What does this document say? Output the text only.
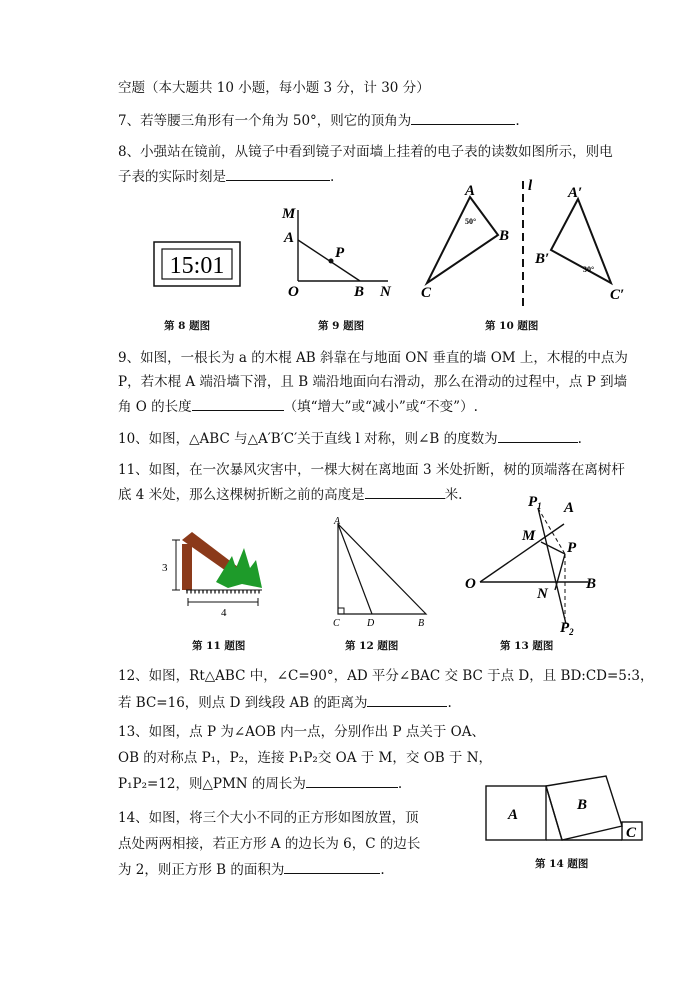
空题（本大题共 10 小题，每小题 3 分，计 30 分）
7、若等腰三角形有一个角为 50°，则它的顶角为	.
8、小强站在镜前，从镜子中看到镜子对面墙上挂着的电子表的读数如图所示，则电
子表的实际时刻是	.
15:01
第 8 题图
M
A
P
O	B N
第 9 题图
A
B
C
l A′
B′
C′
50°
30°
第 10 题图
9、如图，一根长为 a 的木棍 AB 斜靠在与地面 ON 垂直的墙 OM 上，木棍的中点为
P，若木棍 A 端沿墙下滑，且 B 端沿地面向右滑动，那么在滑动的过程中，点 P 到墙
角 O 的长度	（填“增大”或“减小”或“不变”）.
10、如图，△ABC 与△A′B′C′关于直线 l 对称，则∠B 的度数为	.
11、如图，在一次暴风灾害中，一棵大树在离地面 3 米处折断，树的顶端落在离树杆
底 4 米处，那么这棵树折断之前的高度是	米.
3
4
第 11 题图
A
C	D	B
第 12 题图
$P_1$ A
M
P
O	B
N
$P_2$
第 13 题图
12、如图，Rt△ABC 中，∠C=90°，AD 平分∠BAC 交 BC 于点 D，且 BD:CD=5:3，
若 BC=16，则点 D 到线段 AB 的距离为	.
13、如图，点 P 为∠AOB 内一点，分别作出 P 点关于 OA、
OB 的对称点 P₁，P₂，连接 P₁P₂交 OA 于 M，交 OB 于 N，
P₁P₂=12，则△PMN 的周长为	.
14、如图，将三个大小不同的正方形如图放置，顶
点处两两相接，若正方形 A 的边长为 6，C 的边长
为 2，则正方形 B 的面积为	.
A
B
C
第 14 题图
